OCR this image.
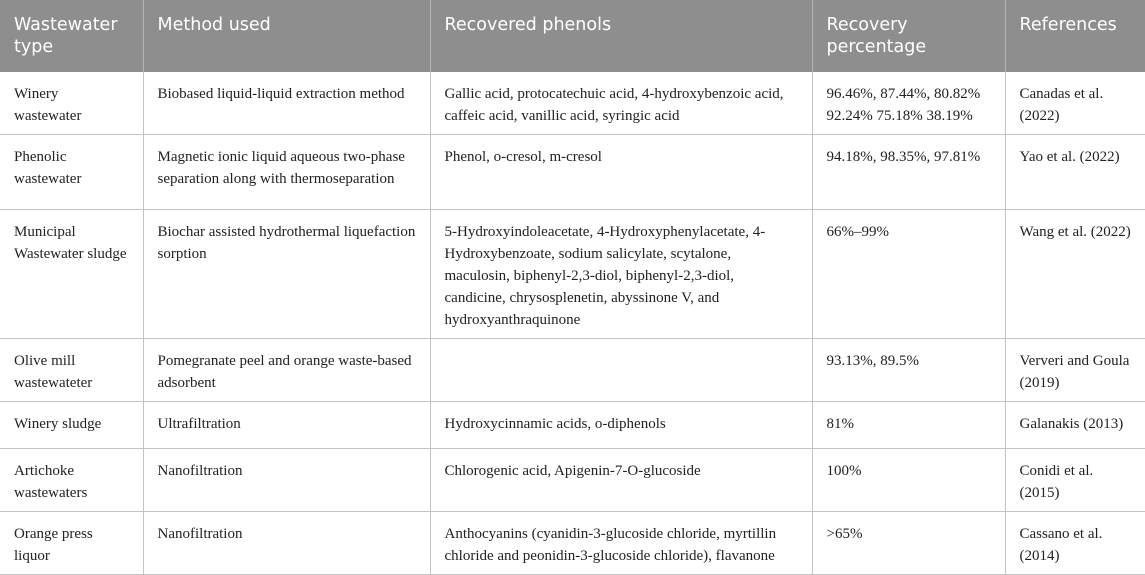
Wastewater type	Method used	Recovered phenols	Recovery percentage	References
Winery wastewater	Biobased liquid-liquid extraction method	Gallic acid, protocatechuic acid, 4-hydroxybenzoic acid, caffeic acid, vanillic acid, syringic acid	96.46%, 87.44%, 80.82% 92.24% 75.18% 38.19%	Canadas et al. (2022)
Phenolic wastewater	Magnetic ionic liquid aqueous two-phase separation along with thermoseparation	Phenol, o-cresol, m-cresol	94.18%, 98.35%, 97.81%	Yao et al. (2022)
Municipal Wastewater sludge	Biochar assisted hydrothermal liquefaction sorption	5-Hydroxyindoleacetate, 4-Hydroxyphenylacetate, 4-Hydroxybenzoate, sodium salicylate, scytalone, maculosin, biphenyl-2,3-diol, biphenyl-2,3-diol, candicine, chrysosplenetin, abyssinone V, and hydroxyanthraquinone	66%–99%	Wang et al. (2022)
Olive mill wastewateter	Pomegranate peel and orange waste-based adsorbent		93.13%, 89.5%	Ververi and Goula (2019)
Winery sludge	Ultrafiltration	Hydroxycinnamic acids, o-diphenols	81%	Galanakis (2013)
Artichoke wastewaters	Nanofiltration	Chlorogenic acid, Apigenin-7-O-glucoside	100%	Conidi et al. (2015)
Orange press liquor	Nanofiltration	Anthocyanins (cyanidin-3-glucoside chloride, myrtillin chloride and peonidin-3-glucoside chloride), flavanone	>65%	Cassano et al. (2014)
